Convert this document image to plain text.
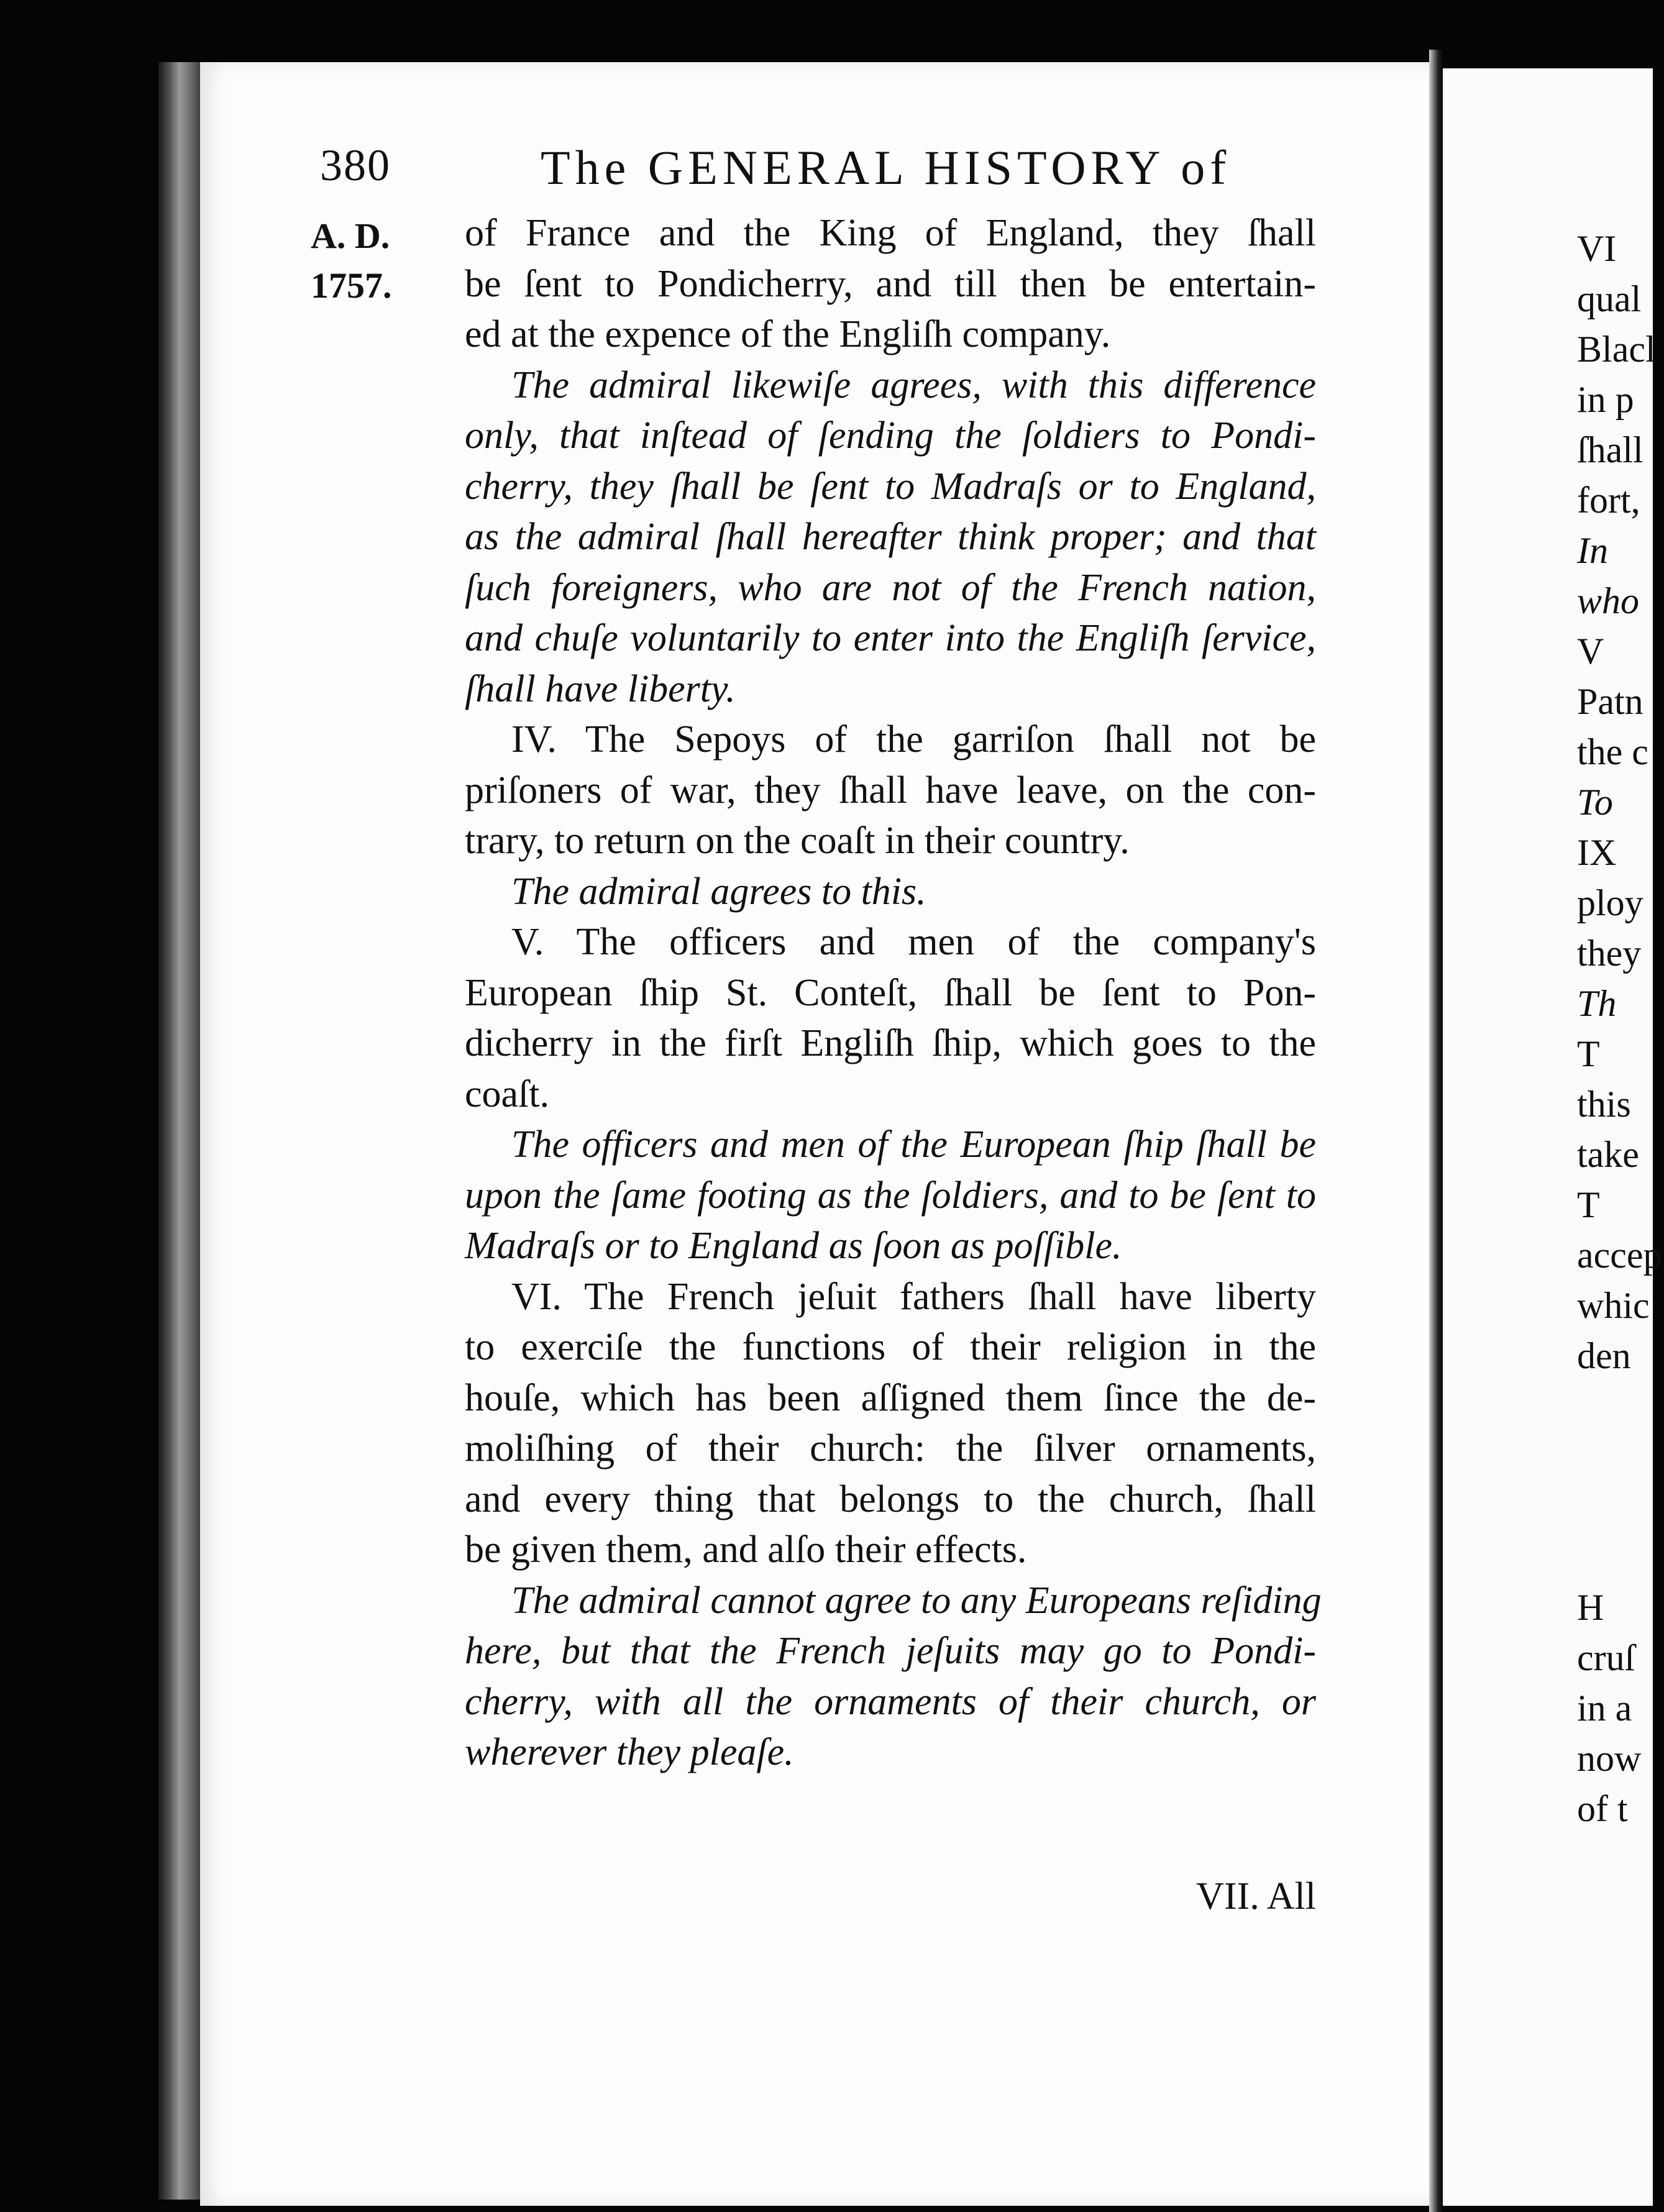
380	The GENERAL HISTORY of
A. D.
1757.
of France and the King of England, they ſhall
be ſent to Pondicherry, and till then be entertain-
ed at the expence of the Engliſh company.
The admiral likewiſe agrees, with this difference
only, that inſtead of ſending the ſoldiers to Pondi-
cherry, they ſhall be ſent to Madraſs or to England,
as the admiral ſhall hereafter think proper; and that
ſuch foreigners, who are not of the French nation,
and chuſe voluntarily to enter into the Engliſh ſervice,
ſhall have liberty.
IV. The Sepoys of the garriſon ſhall not be
priſoners of war, they ſhall have leave, on the con-
trary, to return on the coaſt in their country.
The admiral agrees to this.
V. The officers and men of the company's
European ſhip St. Conteſt, ſhall be ſent to Pon-
dicherry in the firſt Engliſh ſhip, which goes to the
coaſt.
The officers and men of the European ſhip ſhall be
upon the ſame footing as the ſoldiers, and to be ſent to
Madraſs or to England as ſoon as poſſible.
VI. The French jeſuit fathers ſhall have liberty
to exerciſe the functions of their religion in the
houſe, which has been aſſigned them ſince the de-
moliſhing of their church: the ſilver ornaments,
and every thing that belongs to the church, ſhall
be given them, and alſo their effects.
The admiral cannot agree to any Europeans reſiding
here, but that the French jeſuits may go to Pondi-
cherry, with all the ornaments of their church, or
wherever they pleaſe.
VII. All
VI
qual
Blacl
in p
ſhall
fort,
In
who
V
Patn
the c
To
IX
ploy
they
Th
T
this
take
T
accep
whic
den
H
cruſ
in a
now
of t
